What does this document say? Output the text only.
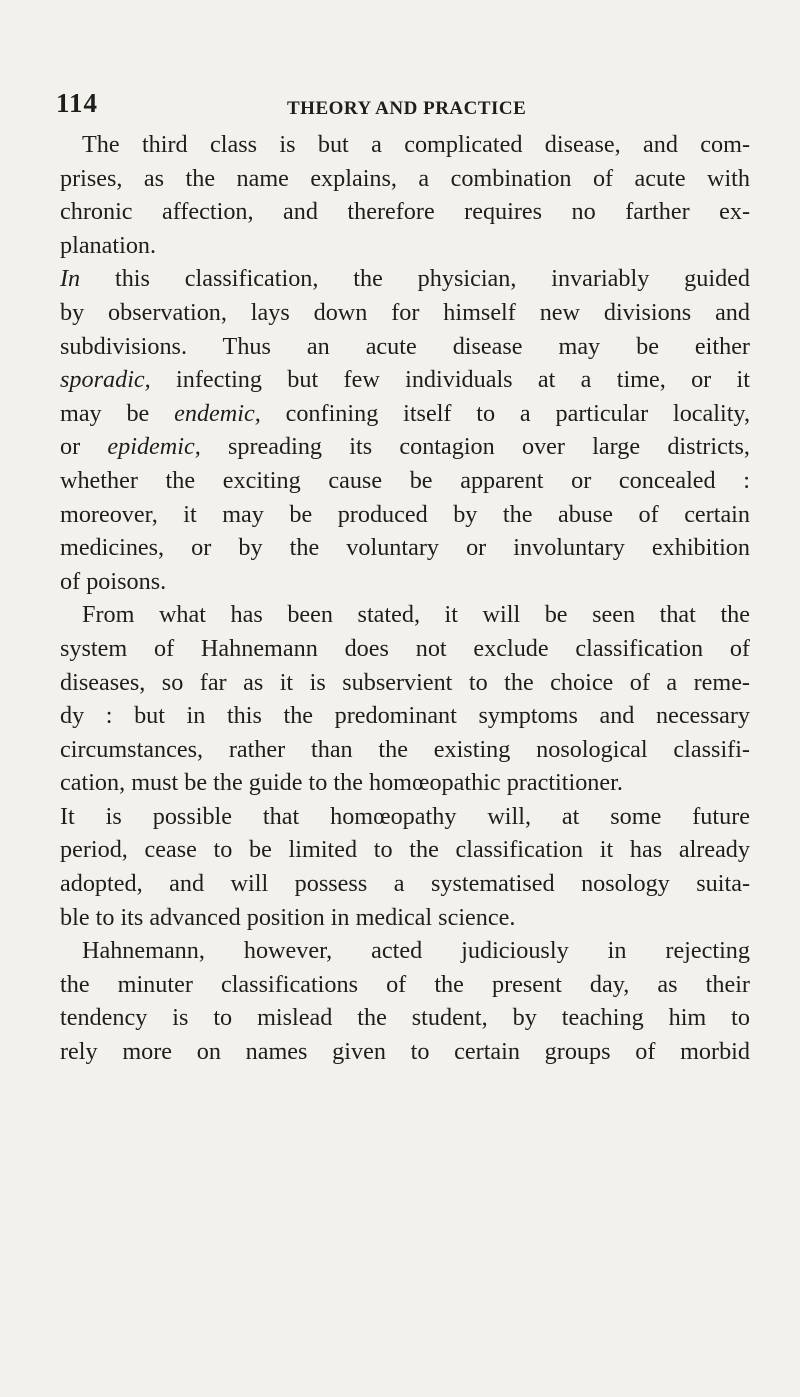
114	THEORY AND PRACTICE
The third class is but a complicated disease, and com-
prises, as the name explains, a combination of acute with
chronic affection, and therefore requires no farther ex-
planation.
In this classification, the physician, invariably guided
by observation, lays down for himself new divisions and
subdivisions. Thus an acute disease may be either
sporadic, infecting but few individuals at a time, or it
may be endemic, confining itself to a particular locality,
or epidemic, spreading its contagion over large districts,
whether the exciting cause be apparent or concealed :
moreover, it may be produced by the abuse of certain
medicines, or by the voluntary or involuntary exhibition
of poisons.
From what has been stated, it will be seen that the
system of Hahnemann does not exclude classification of
diseases, so far as it is subservient to the choice of a reme-
dy : but in this the predominant symptoms and necessary
circumstances, rather than the existing nosological classifi-
cation, must be the guide to the homœopathic practitioner.
It is possible that homœopathy will, at some future
period, cease to be limited to the classification it has already
adopted, and will possess a systematised nosology suita-
ble to its advanced position in medical science.
Hahnemann, however, acted judiciously in rejecting
the minuter classifications of the present day, as their
tendency is to mislead the student, by teaching him to
rely more on names given to certain groups of morbid
